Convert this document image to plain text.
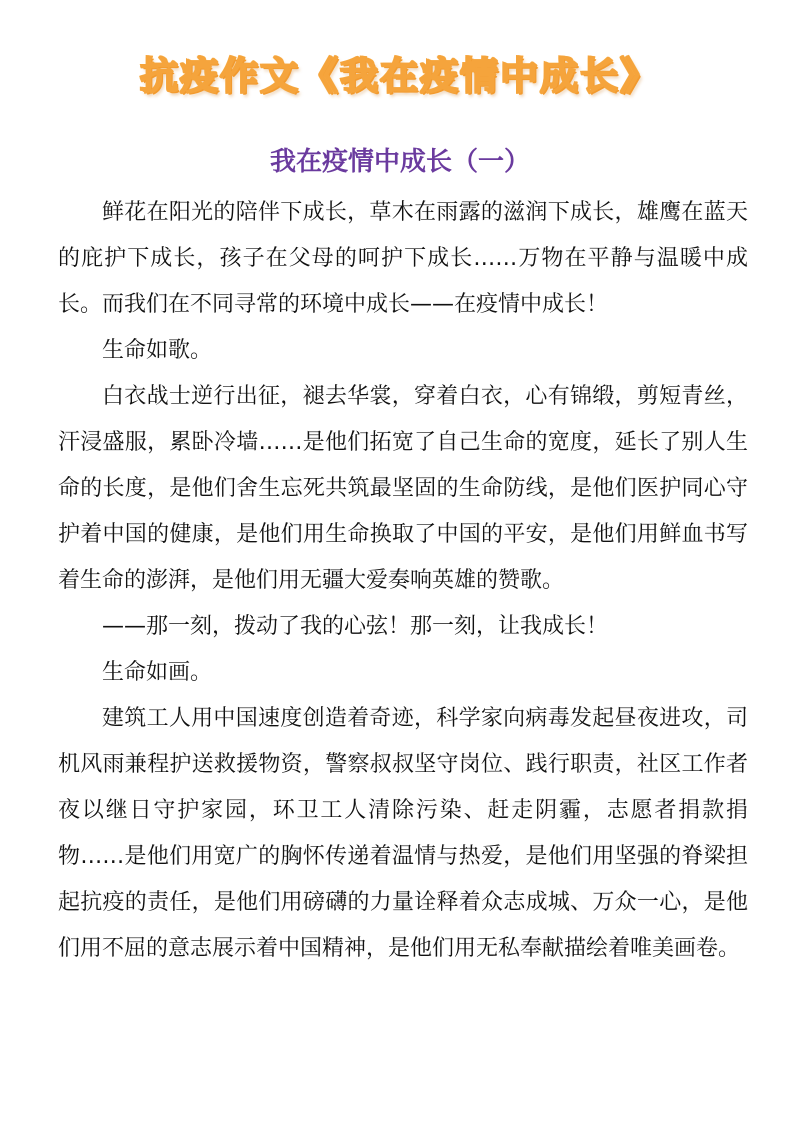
抗疫作文《我在疫情中成长》
我在疫情中成长（一）

鲜花在阳光的陪伴下成长，草木在雨露的滋润下成长，雄鹰在蓝天的庇护下成长，孩子在父母的呵护下成长……万物在平静与温暖中成长。而我们在不同寻常的环境中成长——在疫情中成长！

生命如歌。

白衣战士逆行出征，褪去华裳，穿着白衣，心有锦缎，剪短青丝，汗浸盛服，累卧冷墙……是他们拓宽了自己生命的宽度，延长了别人生命的长度，是他们舍生忘死共筑最坚固的生命防线，是他们医护同心守护着中国的健康，是他们用生命换取了中国的平安，是他们用鲜血书写着生命的澎湃，是他们用无疆大爱奏响英雄的赞歌。

——那一刻，拨动了我的心弦！那一刻，让我成长！

生命如画。

建筑工人用中国速度创造着奇迹，科学家向病毒发起昼夜进攻，司机风雨兼程护送救援物资，警察叔叔坚守岗位、践行职责，社区工作者夜以继日守护家园，环卫工人清除污染、赶走阴霾，志愿者捐款捐物……是他们用宽广的胸怀传递着温情与热爱，是他们用坚强的脊梁担起抗疫的责任，是他们用磅礴的力量诠释着众志成城、万众一心，是他们用不屈的意志展示着中国精神，是他们用无私奉献描绘着唯美画卷。
